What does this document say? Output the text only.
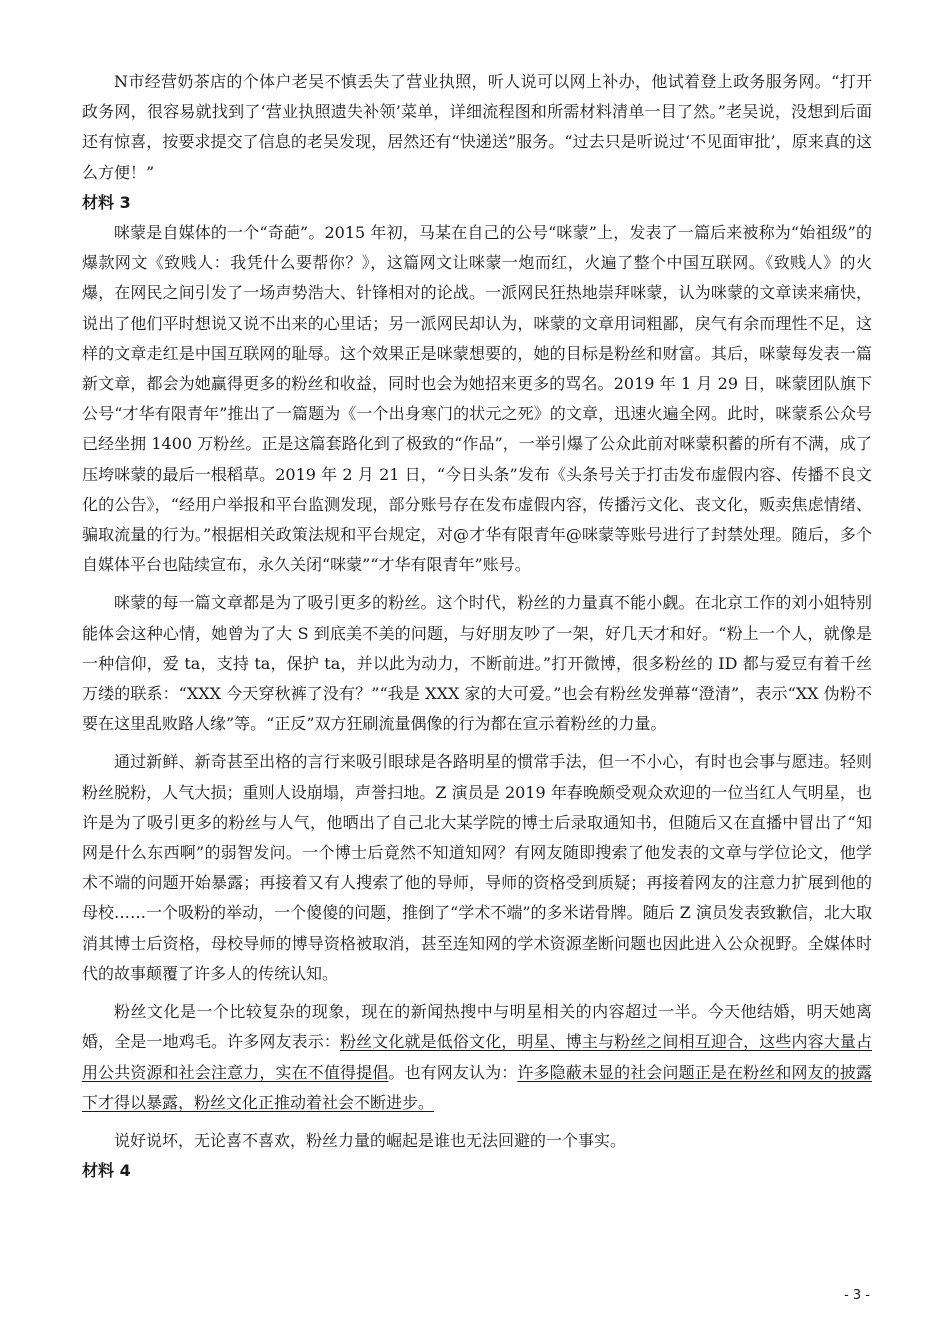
N市经营奶茶店的个体户老吴不慎丢失了营业执照，听人说可以网上补办，他试着登上政务服务网。“打开政务网，很容易就找到了‘营业执照遗失补领’菜单，详细流程图和所需材料清单一目了然。”老吴说，没想到后面还有惊喜，按要求提交了信息的老吴发现，居然还有“快递送”服务。“过去只是听说过‘不见面审批’，原来真的这么方便！”

材料 3

咪蒙是自媒体的一个“奇葩”。2015 年初，马某在自己的公号“咪蒙”上，发表了一篇后来被称为“始祖级”的爆款网文《致贱人：我凭什么要帮你？》，这篇网文让咪蒙一炮而红，火遍了整个中国互联网。《致贱人》的火爆，在网民之间引发了一场声势浩大、针锋相对的论战。一派网民狂热地崇拜咪蒙，认为咪蒙的文章读来痛快，说出了他们平时想说又说不出来的心里话；另一派网民却认为，咪蒙的文章用词粗鄙，戾气有余而理性不足，这样的文章走红是中国互联网的耻辱。这个效果正是咪蒙想要的，她的目标是粉丝和财富。其后，咪蒙每发表一篇新文章，都会为她赢得更多的粉丝和收益，同时也会为她招来更多的骂名。2019 年 1 月 29 日，咪蒙团队旗下公号“才华有限青年”推出了一篇题为《一个出身寒门的状元之死》的文章，迅速火遍全网。此时，咪蒙系公众号已经坐拥 1400 万粉丝。正是这篇套路化到了极致的“作品”，一举引爆了公众此前对咪蒙积蓄的所有不满，成了压垮咪蒙的最后一根稻草。2019 年 2 月 21 日，“今日头条”发布《头条号关于打击发布虚假内容、传播不良文化的公告》，“经用户举报和平台监测发现，部分账号存在发布虚假内容，传播污文化、丧文化，贩卖焦虑情绪、骗取流量的行为。”根据相关政策法规和平台规定，对@才华有限青年@咪蒙等账号进行了封禁处理。随后，多个自媒体平台也陆续宣布，永久关闭“咪蒙”“才华有限青年”账号。

咪蒙的每一篇文章都是为了吸引更多的粉丝。这个时代，粉丝的力量真不能小觑。在北京工作的刘小姐特别能体会这种心情，她曾为了大 S 到底美不美的问题，与好朋友吵了一架，好几天才和好。“粉上一个人，就像是一种信仰，爱 ta，支持 ta，保护 ta，并以此为动力，不断前进。”打开微博，很多粉丝的 ID 都与爱豆有着千丝万缕的联系：“XXX 今天穿秋裤了没有？”“我是 XXX 家的大可爱。”也会有粉丝发弹幕“澄清”，表示“XX 伪粉不要在这里乱败路人缘”等。“正反”双方狂刷流量偶像的行为都在宣示着粉丝的力量。

通过新鲜、新奇甚至出格的言行来吸引眼球是各路明星的惯常手法，但一不小心，有时也会事与愿违。轻则粉丝脱粉，人气大损；重则人设崩塌，声誉扫地。Z 演员是 2019 年春晚颇受观众欢迎的一位当红人气明星，也许是为了吸引更多的粉丝与人气，他晒出了自己北大某学院的博士后录取通知书，但随后又在直播中冒出了“知网是什么东西啊”的弱智发问。一个博士后竟然不知道知网？有网友随即搜索了他发表的文章与学位论文，他学术不端的问题开始暴露；再接着又有人搜索了他的导师，导师的资格受到质疑；再接着网友的注意力扩展到他的母校……一个吸粉的举动，一个傻傻的问题，推倒了“学术不端”的多米诺骨牌。随后 Z 演员发表致歉信，北大取消其博士后资格，母校导师的博导资格被取消，甚至连知网的学术资源垄断问题也因此进入公众视野。全媒体时代的故事颠覆了许多人的传统认知。

粉丝文化是一个比较复杂的现象，现在的新闻热搜中与明星相关的内容超过一半。今天他结婚，明天她离婚，全是一地鸡毛。许多网友表示：粉丝文化就是低俗文化，明星、博主与粉丝之间相互迎合，这些内容大量占用公共资源和社会注意力，实在不值得提倡。也有网友认为：许多隐蔽未显的社会问题正是在粉丝和网友的披露下才得以暴露，粉丝文化正推动着社会不断进步。

说好说坏，无论喜不喜欢，粉丝力量的崛起是谁也无法回避的一个事实。

材料 4

- 3 -
